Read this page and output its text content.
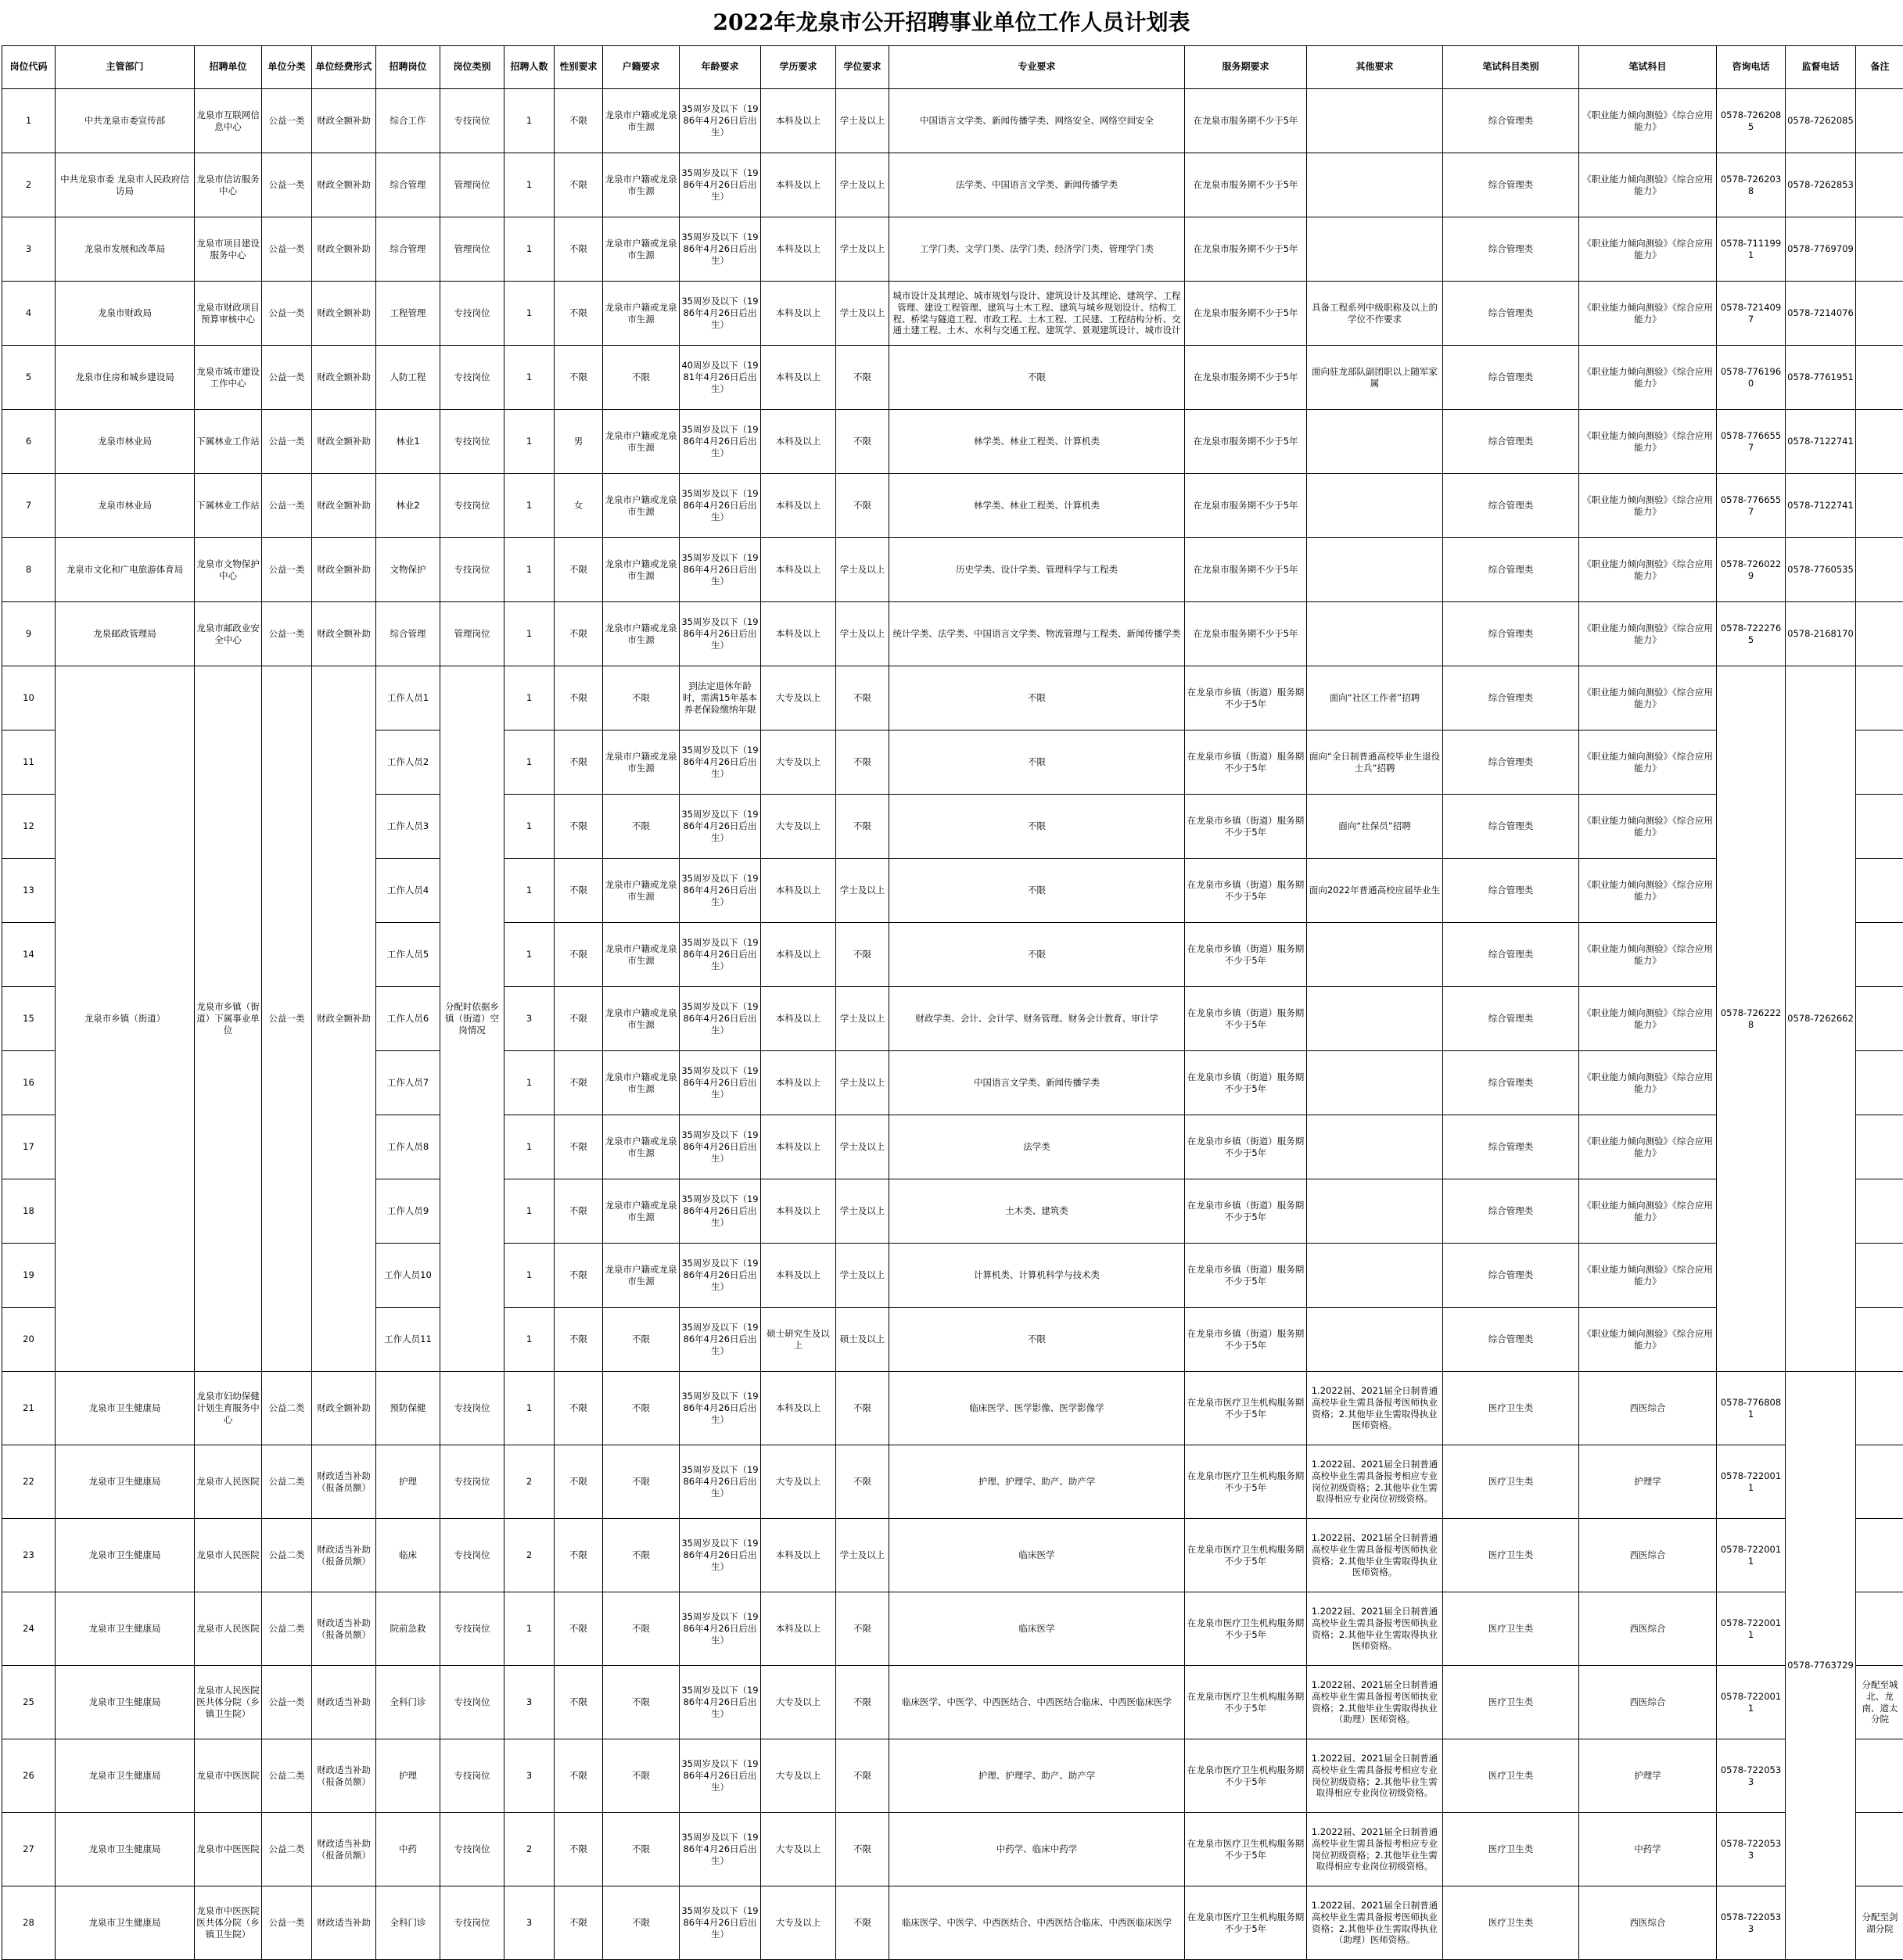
2022年龙泉市公开招聘事业单位工作人员计划表
岗位代码	主管部门	招聘单位	单位分类	单位经费形式	招聘岗位	岗位类别	招聘人数	性别要求	户籍要求	年龄要求	学历要求	学位要求	专业要求	服务期要求	其他要求	笔试科目类别	笔试科目	咨询电话	监督电话	备注
1	中共龙泉市委宣传部	龙泉市互联网信息中心	公益一类	财政全额补助	综合工作	专技岗位	1	不限	龙泉市户籍或龙泉市生源	35周岁及以下（1986年4月26日后出生）	本科及以上	学士及以上	中国语言文学类、新闻传播学类、网络安全、网络空间安全	在龙泉市服务期不少于5年		综合管理类	《职业能力倾向测验》《综合应用能力》	0578-7262085	0578-7262085	
2	中共龙泉市委 龙泉市人民政府信访局	龙泉市信访服务中心	公益一类	财政全额补助	综合管理	管理岗位	1	不限	龙泉市户籍或龙泉市生源	35周岁及以下（1986年4月26日后出生）	本科及以上	学士及以上	法学类、中国语言文学类、新闻传播学类	在龙泉市服务期不少于5年		综合管理类	《职业能力倾向测验》《综合应用能力》	0578-7262038	0578-7262853	
3	龙泉市发展和改革局	龙泉市项目建设服务中心	公益一类	财政全额补助	综合管理	管理岗位	1	不限	龙泉市户籍或龙泉市生源	35周岁及以下（1986年4月26日后出生）	本科及以上	学士及以上	工学门类、文学门类、法学门类、经济学门类、管理学门类	在龙泉市服务期不少于5年		综合管理类	《职业能力倾向测验》《综合应用能力》	0578-7111991	0578-7769709	
4	龙泉市财政局	龙泉市财政项目预算审核中心	公益一类	财政全额补助	工程管理	专技岗位	1	不限	龙泉市户籍或龙泉市生源	35周岁及以下（1986年4月26日后出生）	本科及以上	学士及以上	城市设计及其理论、城市规划与设计、建筑设计及其理论、建筑学、工程管理、建设工程管理、建筑与土木工程、建筑与城乡规划设计、结构工程、桥梁与隧道工程、市政工程、土木工程、工民建、工程结构分析、交通土建工程、土木、水利与交通工程、建筑学、景观建筑设计、城市设计	在龙泉市服务期不少于5年	具备工程系列中级职称及以上的学位不作要求	综合管理类	《职业能力倾向测验》《综合应用能力》	0578-7214097	0578-7214076	
5	龙泉市住房和城乡建设局	龙泉市城市建设工作中心	公益一类	财政全额补助	人防工程	专技岗位	1	不限	不限	40周岁及以下（1981年4月26日后出生）	本科及以上	不限	不限	在龙泉市服务期不少于5年	面向驻龙部队副团职以上随军家属	综合管理类	《职业能力倾向测验》《综合应用能力》	0578-7761960	0578-7761951	
6	龙泉市林业局	下属林业工作站	公益一类	财政全额补助	林业1	专技岗位	1	男	龙泉市户籍或龙泉市生源	35周岁及以下（1986年4月26日后出生）	本科及以上	不限	林学类、林业工程类、计算机类	在龙泉市服务期不少于5年		综合管理类	《职业能力倾向测验》《综合应用能力》	0578-7766557	0578-7122741	
7	龙泉市林业局	下属林业工作站	公益一类	财政全额补助	林业2	专技岗位	1	女	龙泉市户籍或龙泉市生源	35周岁及以下（1986年4月26日后出生）	本科及以上	不限	林学类、林业工程类、计算机类	在龙泉市服务期不少于5年		综合管理类	《职业能力倾向测验》《综合应用能力》	0578-7766557	0578-7122741	
8	龙泉市文化和广电旅游体育局	龙泉市文物保护中心	公益一类	财政全额补助	文物保护	专技岗位	1	不限	龙泉市户籍或龙泉市生源	35周岁及以下（1986年4月26日后出生）	本科及以上	学士及以上	历史学类、设计学类、管理科学与工程类	在龙泉市服务期不少于5年		综合管理类	《职业能力倾向测验》《综合应用能力》	0578-7260229	0578-7760535	
9	龙泉邮政管理局	龙泉市邮政业安全中心	公益一类	财政全额补助	综合管理	管理岗位	1	不限	龙泉市户籍或龙泉市生源	35周岁及以下（1986年4月26日后出生）	本科及以上	学士及以上	统计学类、法学类、中国语言文学类、物流管理与工程类、新闻传播学类	在龙泉市服务期不少于5年		综合管理类	《职业能力倾向测验》《综合应用能力》	0578-7222765	0578-2168170	
10	龙泉市乡镇（街道）	龙泉市乡镇（街道）下属事业单位	公益一类	财政全额补助	工作人员1	分配时依据乡镇（街道）空岗情况	1	不限	不限	到法定退休年龄时，需满15年基本养老保险缴纳年限	大专及以上	不限	不限	在龙泉市乡镇（街道）服务期不少于5年	面向“社区工作者”招聘	综合管理类	《职业能力倾向测验》《综合应用能力》	0578-7262228	0578-7262662	
11					工作人员2		1	不限	龙泉市户籍或龙泉市生源	35周岁及以下（1986年4月26日后出生）	大专及以上	不限	不限	在龙泉市乡镇（街道）服务期不少于5年	面向“全日制普通高校毕业生退役士兵”招聘	综合管理类	《职业能力倾向测验》《综合应用能力》			
12					工作人员3		1	不限	不限	35周岁及以下（1986年4月26日后出生）	大专及以上	不限	不限	在龙泉市乡镇（街道）服务期不少于5年	面向“社保员”招聘	综合管理类	《职业能力倾向测验》《综合应用能力》			
13					工作人员4		1	不限	龙泉市户籍或龙泉市生源	35周岁及以下（1986年4月26日后出生）	本科及以上	学士及以上	不限	在龙泉市乡镇（街道）服务期不少于5年	面向2022年普通高校应届毕业生	综合管理类	《职业能力倾向测验》《综合应用能力》			
14					工作人员5		1	不限	龙泉市户籍或龙泉市生源	35周岁及以下（1986年4月26日后出生）	本科及以上	不限	不限	在龙泉市乡镇（街道）服务期不少于5年		综合管理类	《职业能力倾向测验》《综合应用能力》			
15					工作人员6		3	不限	龙泉市户籍或龙泉市生源	35周岁及以下（1986年4月26日后出生）	本科及以上	学士及以上	财政学类、会计、会计学、财务管理、财务会计教育、审计学	在龙泉市乡镇（街道）服务期不少于5年		综合管理类	《职业能力倾向测验》《综合应用能力》			
16					工作人员7		1	不限	龙泉市户籍或龙泉市生源	35周岁及以下（1986年4月26日后出生）	本科及以上	学士及以上	中国语言文学类、新闻传播学类	在龙泉市乡镇（街道）服务期不少于5年		综合管理类	《职业能力倾向测验》《综合应用能力》			
17					工作人员8		1	不限	龙泉市户籍或龙泉市生源	35周岁及以下（1986年4月26日后出生）	本科及以上	学士及以上	法学类	在龙泉市乡镇（街道）服务期不少于5年		综合管理类	《职业能力倾向测验》《综合应用能力》			
18					工作人员9		1	不限	龙泉市户籍或龙泉市生源	35周岁及以下（1986年4月26日后出生）	本科及以上	学士及以上	土木类、建筑类	在龙泉市乡镇（街道）服务期不少于5年		综合管理类	《职业能力倾向测验》《综合应用能力》			
19					工作人员10		1	不限	龙泉市户籍或龙泉市生源	35周岁及以下（1986年4月26日后出生）	本科及以上	学士及以上	计算机类、计算机科学与技术类	在龙泉市乡镇（街道）服务期不少于5年		综合管理类	《职业能力倾向测验》《综合应用能力》			
20					工作人员11		1	不限	不限	35周岁及以下（1986年4月26日后出生）	硕士研究生及以上	硕士及以上	不限	在龙泉市乡镇（街道）服务期不少于5年		综合管理类	《职业能力倾向测验》《综合应用能力》			
21	龙泉市卫生健康局	龙泉市妇幼保健计划生育服务中心	公益二类	财政全额补助	预防保健	专技岗位	1	不限	不限	35周岁及以下（1986年4月26日后出生）	本科及以上	不限	临床医学、医学影像、医学影像学	在龙泉市医疗卫生机构服务期不少于5年	1.2022届、2021届全日制普通高校毕业生需具备报考医师执业资格；2.其他毕业生需取得执业医师资格。	医疗卫生类	西医综合	0578-7768081	0578-7763729	
22	龙泉市卫生健康局	龙泉市人民医院	公益二类	财政适当补助（报备员额）	护理	专技岗位	2	不限	不限	35周岁及以下（1986年4月26日后出生）	大专及以上	不限	护理、护理学、助产、助产学	在龙泉市医疗卫生机构服务期不少于5年	1.2022届、2021届全日制普通高校毕业生需具备报考相应专业岗位初级资格；2.其他毕业生需取得相应专业岗位初级资格。	医疗卫生类	护理学	0578-7220011		
23	龙泉市卫生健康局	龙泉市人民医院	公益二类	财政适当补助（报备员额）	临床	专技岗位	2	不限	不限	35周岁及以下（1986年4月26日后出生）	本科及以上	学士及以上	临床医学	在龙泉市医疗卫生机构服务期不少于5年	1.2022届、2021届全日制普通高校毕业生需具备报考医师执业资格；2.其他毕业生需取得执业医师资格。	医疗卫生类	西医综合	0578-7220011		
24	龙泉市卫生健康局	龙泉市人民医院	公益二类	财政适当补助（报备员额）	院前急救	专技岗位	1	不限	不限	35周岁及以下（1986年4月26日后出生）	本科及以上	不限	临床医学	在龙泉市医疗卫生机构服务期不少于5年	1.2022届、2021届全日制普通高校毕业生需具备报考医师执业资格；2.其他毕业生需取得执业医师资格。	医疗卫生类	西医综合	0578-7220011		
25	龙泉市卫生健康局	龙泉市人民医院医共体分院（乡镇卫生院）	公益一类	财政适当补助	全科门诊	专技岗位	3	不限	不限	35周岁及以下（1986年4月26日后出生）	大专及以上	不限	临床医学、中医学、中西医结合、中西医结合临床、中西医临床医学	在龙泉市医疗卫生机构服务期不少于5年	1.2022届、2021届全日制普通高校毕业生需具备报考医师执业资格；2.其他毕业生需取得执业（助理）医师资格。	医疗卫生类	西医综合	0578-7220011		分配至城北、龙南、道太分院
26	龙泉市卫生健康局	龙泉市中医医院	公益二类	财政适当补助（报备员额）	护理	专技岗位	3	不限	不限	35周岁及以下（1986年4月26日后出生）	大专及以上	不限	护理、护理学、助产、助产学	在龙泉市医疗卫生机构服务期不少于5年	1.2022届、2021届全日制普通高校毕业生需具备报考相应专业岗位初级资格；2.其他毕业生需取得相应专业岗位初级资格。	医疗卫生类	护理学	0578-7220533		
27	龙泉市卫生健康局	龙泉市中医医院	公益二类	财政适当补助（报备员额）	中药	专技岗位	2	不限	不限	35周岁及以下（1986年4月26日后出生）	大专及以上	不限	中药学、临床中药学	在龙泉市医疗卫生机构服务期不少于5年	1.2022届、2021届全日制普通高校毕业生需具备报考相应专业岗位初级资格；2.其他毕业生需取得相应专业岗位初级资格。	医疗卫生类	中药学	0578-7220533		
28	龙泉市卫生健康局	龙泉市中医医院医共体分院（乡镇卫生院）	公益一类	财政适当补助	全科门诊	专技岗位	3	不限	不限	35周岁及以下（1986年4月26日后出生）	大专及以上	不限	临床医学、中医学、中西医结合、中西医结合临床、中西医临床医学	在龙泉市医疗卫生机构服务期不少于5年	1.2022届、2021届全日制普通高校毕业生需具备报考医师执业资格；2.其他毕业生需取得执业（助理）医师资格。	医疗卫生类	西医综合	0578-7220533		分配至剑湖分院
